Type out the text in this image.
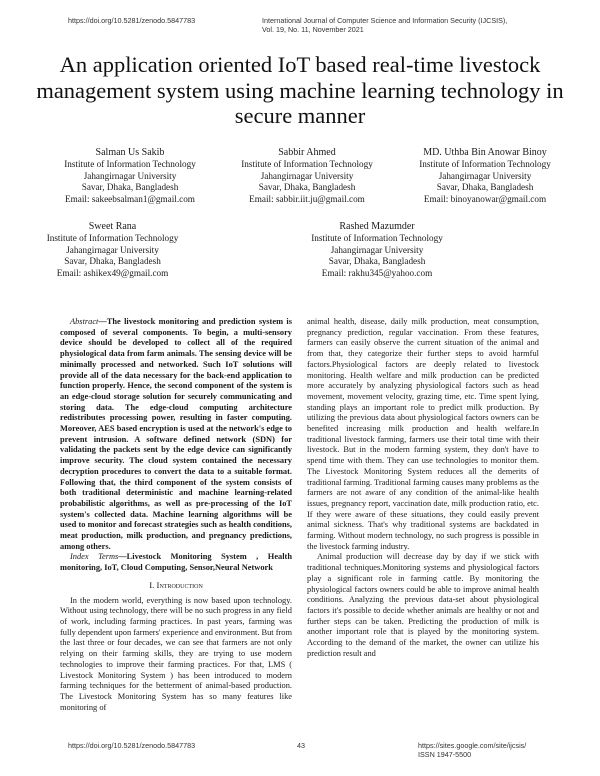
https://doi.org/10.5281/zenodo.5847783	International Journal of Computer Science and Information Security (IJCSIS),
Vol. 19, No. 11, November 2021
An application oriented IoT based real-time livestock management system using machine learning technology in secure manner
Salman Us Sakib
Institute of Information Technology
Jahangirnagar University
Savar, Dhaka, Bangladesh
Email: sakeebsalman1@gmail.com
Sabbir Ahmed
Institute of Information Technology
Jahangirnagar University
Savar, Dhaka, Bangladesh
Email: sabbir.iit.ju@gmail.com
MD. Uthba Bin Anowar Binoy
Institute of Information Technology
Jahangirnagar University
Savar, Dhaka, Bangladesh
Email: binoyanowar@gmail.com
Sweet Rana
Institute of Information Technology
Jahangirnagar University
Savar, Dhaka, Bangladesh
Email: ashikex49@gmail.com
Rashed Mazumder
Institute of Information Technology
Jahangirnagar University
Savar, Dhaka, Bangladesh
Email: rakhu345@yahoo.com

Abstract—The livestock monitoring and prediction system is composed of several components. To begin, a multi-sensory device should be developed to collect all of the required physiological data from farm animals. The sensing device will be minimally processed and networked. Such IoT solutions will provide all of the data necessary for the back-end application to function properly. Hence, the second component of the system is an edge-cloud storage solution for securely communicating and storing data. The edge-cloud computing architecture redistributes processing power, resulting in faster computing. Moreover, AES based encryption is used at the network's edge to prevent intrusion. A software defined network (SDN) for validating the packets sent by the edge device can significantly improve security. The cloud system contained the necessary decryption procedures to convert the data to a suitable format. Following that, the third component of the system consists of both traditional deterministic and machine learning-related probabilistic algorithms, as well as pre-processing of the IoT system's collected data. Machine learning algorithms will be used to monitor and forecast strategies such as health conditions, meat production, milk production, and pregnancy predictions, among others.

Index Terms—Livestock Monitoring System , Health monitoring, IoT, Cloud Computing, Sensor,Neural Network

I. Introduction

In the modern world, everything is now based upon technology. Without using technology, there will be no such progress in any field of work, including farming practices. In past years, farming was fully dependent upon farmers' experience and environment. But from the last three or four decades, we can see that farmers are not only relying on their farming skills, they are trying to use modern technologies to improve their farming practices. For that, LMS ( Livestock Monitoring System ) has been introduced to modern farming techniques for the betterment of animal-based production. The Livestock Monitoring System has so many features like monitoring of

animal health, disease, daily milk production, meat consumption, pregnancy prediction, regular vaccination. From these features, farmers can easily observe the current situation of the animal and from that, they categorize their further steps to avoid harmful factors.Physiological factors are deeply related to livestock monitoring. Health welfare and milk production can be predicted more accurately by analyzing physiological factors such as head movement, movement velocity, grazing time, etc. Time spent lying, standing plays an important role to predict milk production. By utilizing the previous data about physiological factors owners can be benefited increasing milk production and health welfare.In traditional livestock farming, farmers use their total time with their livestock. But in the modern farming system, they don't have to spend time with them. They can use technologies to monitor them. The Livestock Monitoring System reduces all the demerits of traditional farming. Traditional farming causes many problems as the farmers are not aware of any condition of the animal-like health issues, pregnancy report, vaccination date, milk production ratio, etc. If they were aware of these situations, they could easily prevent animal sickness. That's why traditional systems are backdated in farming. Without modern technology, no such progress is possible in the livestock farming industry.

Animal production will decrease day by day if we stick with traditional techniques.Monitoring systems and physiological factors play a significant role in farming cattle. By monitoring the physiological factors owners could be able to improve animal health conditions. Analyzing the previous data-set about physiological factors it's possible to decide whether animals are healthy or not and further steps can be taken. Predicting the production of milk is another important role that is played by the monitoring system. According to the demand of the market, the owner can utilize his prediction result and

https://doi.org/10.5281/zenodo.5847783	43	https://sites.google.com/site/ijcsis/
ISSN 1947-5500
